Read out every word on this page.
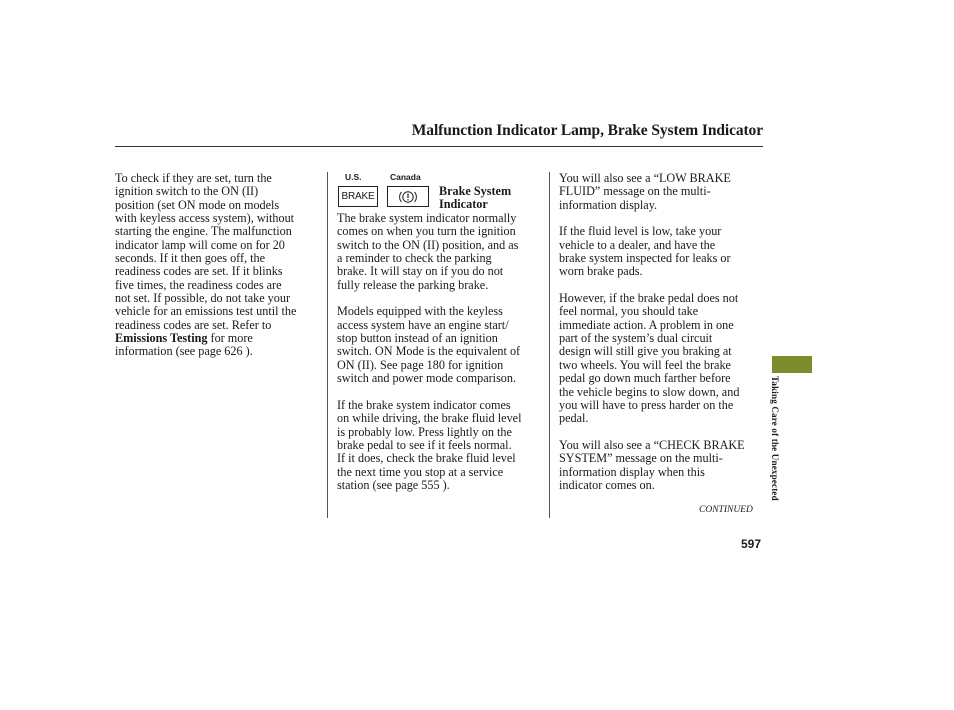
Malfunction Indicator Lamp, Brake System Indicator

To check if they are set, turn the

ignition switch to the ON (II)

position (set ON mode on models

with keyless access system), without

starting the engine. The malfunction

indicator lamp will come on for 20

seconds. If it then goes off, the

readiness codes are set. If it blinks

five times, the readiness codes are

not set. If possible, do not take your

vehicle for an emissions test until the

readiness codes are set. Refer to

Emissions Testing for more

information (see page 626 ).

U.S.	Canada
BRAKE	Brake System
Indicator

The brake system indicator normally

comes on when you turn the ignition

switch to the ON (II) position, and as

a reminder to check the parking

brake. It will stay on if you do not

fully release the parking brake.

Models equipped with the keyless

access system have an engine start/

stop button instead of an ignition

switch. ON Mode is the equivalent of

ON (II). See page 180 for ignition

switch and power mode comparison.

If the brake system indicator comes

on while driving, the brake fluid level

is probably low. Press lightly on the

brake pedal to see if it feels normal.

If it does, check the brake fluid level

the next time you stop at a service

station (see page 555 ).

You will also see a “LOW BRAKE

FLUID” message on the multi-

information display.

If the fluid level is low, take your

vehicle to a dealer, and have the

brake system inspected for leaks or

worn brake pads.

However, if the brake pedal does not

feel normal, you should take

immediate action. A problem in one

part of the system’s dual circuit

design will still give you braking at

two wheels. You will feel the brake

pedal go down much farther before

the vehicle begins to slow down, and

you will have to press harder on the

pedal.

You will also see a “CHECK BRAKE

SYSTEM” message on the multi-

information display when this

indicator comes on.	Taking Care of the Unexpected
CONTINUED
597
